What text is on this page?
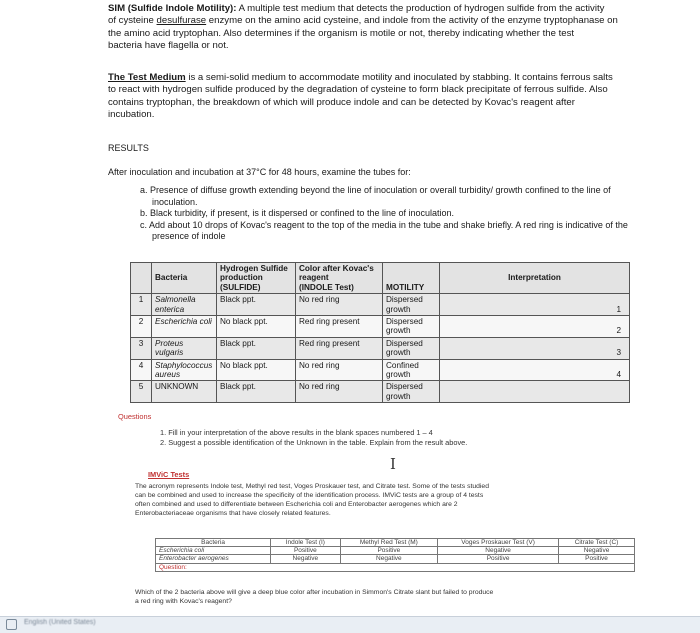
SIM (Sulfide Indole Motility): A multiple test medium that detects the production of hydrogen sulfide from the activity
of cysteine desulfurase enzyme on the amino acid cysteine, and indole from the activity of the enzyme tryptophanase on
the amino acid tryptophan. Also determines if the organism is motile or not, thereby indicating whether the test
bacteria have flagella or not.
The Test Medium is a semi-solid medium to accommodate motility and inoculated by stabbing. It contains ferrous salts
to react with hydrogen sulfide produced by the degradation of cysteine to form black precipitate of ferrous sulfide. Also
contains tryptophan, the breakdown of which will produce indole and can be detected by Kovac's reagent after
incubation.
RESULTS
After inoculation and incubation at 37°C for 48 hours, examine the tubes for:
a. Presence of diffuse growth extending beyond the line of inoculation or overall turbidity/ growth confined to the line of inoculation.
b. Black turbidity, if present, is it dispersed or confined to the line of inoculation.
c. Add about 10 drops of Kovac's reagent to the top of the media in the tube and shake briefly. A red ring is indicative of the presence of indole
	Bacteria	Hydrogen Sulfide
production
(SULFIDE)	Color after Kovac's
reagent
(INDOLE Test)	MOTILITY	Interpretation
1	Salmonella enterica	Black ppt.	No red ring	Dispersed growth	1
2	Escherichia coli	No black ppt.	Red ring present	Dispersed growth	2
3	Proteus vulgaris	Black ppt.	Red ring present	Dispersed growth	3
4	Staphylococcus aureus	No black ppt.	No red ring	Confined growth	4
5	UNKNOWN	Black ppt.	No red ring	Dispersed growth	
Questions
1. Fill in your interpretation of the above results in the blank spaces numbered 1 – 4
2. Suggest a possible identification of the Unknown in the table. Explain from the result above.
I
IMViC Tests
The acronym represents Indole test, Methyl red test, Voges Proskauer test, and Citrate test. Some of the tests studied
can be combined and used to increase the specificity of the identification process. IMViC tests are a group of 4 tests
often combined and used to differentiate between Escherichia coli and Enterobacter aerogenes which are 2
Enterobacteriaceae organisms that have closely related features.
Bacteria	Indole Test (I)	Methyl Red Test (M)	Voges Proskauer Test (V)	Citrate Test (C)
Escherichia coli	Positive	Positive	Negative	Negative
Enterobacter aerogenes	Negative	Negative	Positive	Positive
Question:				
Which of the 2 bacteria above will give a deep blue color after incubation in Simmon's Citrate slant but failed to produce
a red ring with Kovac's reagent?
English (United States)
